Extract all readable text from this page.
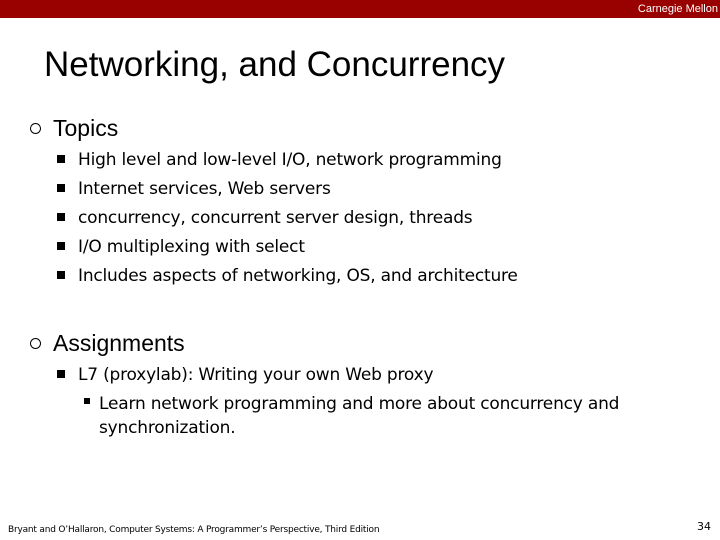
Carnegie Mellon
Networking, and Concurrency
Topics
High level and low-level I/O, network programming
Internet services, Web servers
concurrency, concurrent server design, threads
I/O multiplexing with select
Includes aspects of networking, OS, and architecture
Assignments
L7 (proxylab): Writing your own Web proxy
Learn network programming and more about concurrency and synchronization.
Bryant and O’Hallaron, Computer Systems: A Programmer’s Perspective, Third Edition	34
